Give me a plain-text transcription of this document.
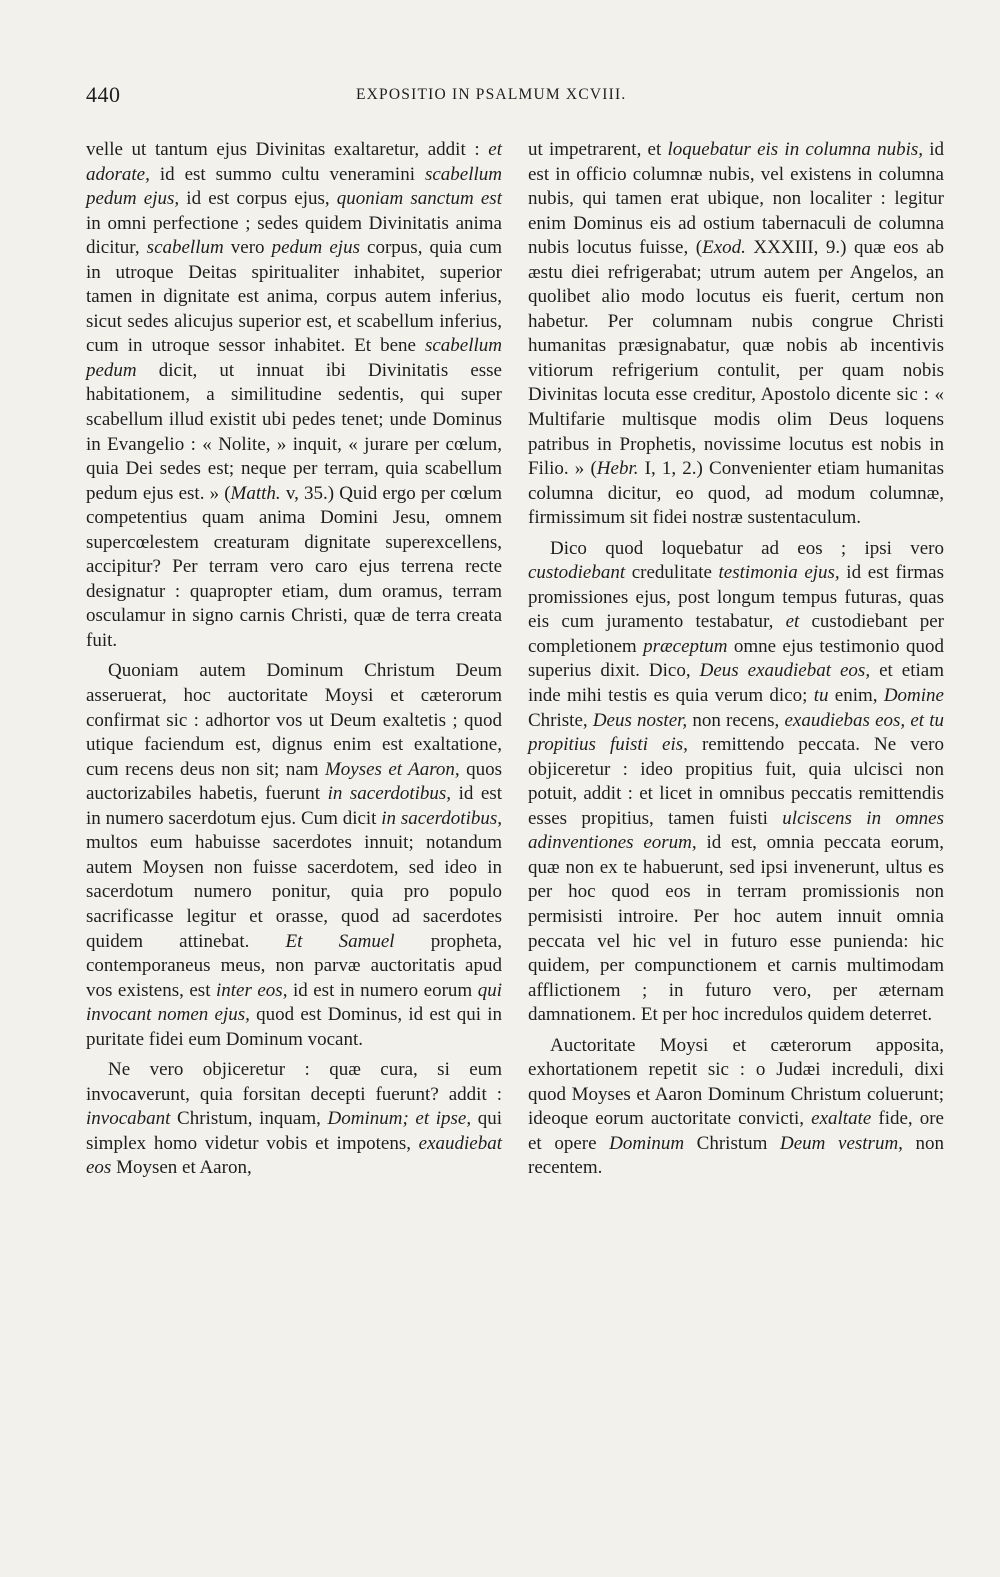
440	EXPOSITIO IN PSALMUM XCVIII.

velle ut tantum ejus Divinitas exaltaretur, addit : et adorate, id est summo cultu veneramini scabellum pedum ejus, id est corpus ejus, quoniam sanctum est in omni perfectione ; sedes quidem Divinitatis anima dicitur, scabellum vero pedum ejus corpus, quia cum in utroque Deitas spiritualiter inhabitet, superior tamen in dignitate est anima, corpus autem inferius, sicut sedes alicujus superior est, et scabellum inferius, cum in utroque sessor inhabitet. Et bene scabellum pedum dicit, ut innuat ibi Divinitatis esse habitationem, a similitudine sedentis, qui super scabellum illud existit ubi pedes tenet; unde Dominus in Evangelio : « Nolite, » inquit, « jurare per cœlum, quia Dei sedes est; neque per terram, quia scabellum pedum ejus est. » (Matth. v, 35.) Quid ergo per cœlum competentius quam anima Domini Jesu, omnem supercœlestem creaturam dignitate superexcellens, accipitur? Per terram vero caro ejus terrena recte designatur : quapropter etiam, dum oramus, terram osculamur in signo carnis Christi, quæ de terra creata fuit.

Quoniam autem Dominum Christum Deum asseruerat, hoc auctoritate Moysi et cæterorum confirmat sic : adhortor vos ut Deum exaltetis ; quod utique faciendum est, dignus enim est exaltatione, cum recens deus non sit; nam Moyses et Aaron, quos auctorizabiles habetis, fuerunt in sacerdotibus, id est in numero sacerdotum ejus. Cum dicit in sacerdotibus, multos eum habuisse sacerdotes innuit; notandum autem Moysen non fuisse sacerdotem, sed ideo in sacerdotum numero ponitur, quia pro populo sacrificasse legitur et orasse, quod ad sacerdotes quidem attinebat. Et Samuel propheta, contemporaneus meus, non parvæ auctoritatis apud vos existens, est inter eos, id est in numero eorum qui invocant nomen ejus, quod est Dominus, id est qui in puritate fidei eum Dominum vocant.

Ne vero objiceretur : quæ cura, si eum invocaverunt, quia forsitan decepti fuerunt? addit : invocabant Christum, inquam, Dominum; et ipse, qui simplex homo videtur vobis et impotens, exaudiebat eos Moysen et Aaron,

ut impetrarent, et loquebatur eis in columna nubis, id est in officio columnæ nubis, vel existens in columna nubis, qui tamen erat ubique, non localiter : legitur enim Dominus eis ad ostium tabernaculi de columna nubis locutus fuisse, (Exod. XXXIII, 9.) quæ eos ab æstu diei refrigerabat; utrum autem per Angelos, an quolibet alio modo locutus eis fuerit, certum non habetur. Per columnam nubis congrue Christi humanitas præsignabatur, quæ nobis ab incentivis vitiorum refrigerium contulit, per quam nobis Divinitas locuta esse creditur, Apostolo dicente sic : « Multifarie multisque modis olim Deus loquens patribus in Prophetis, novissime locutus est nobis in Filio. » (Hebr. I, 1, 2.) Convenienter etiam humanitas columna dicitur, eo quod, ad modum columnæ, firmissimum sit fidei nostræ sustentaculum.

Dico quod loquebatur ad eos ; ipsi vero custodiebant credulitate testimonia ejus, id est firmas promissiones ejus, post longum tempus futuras, quas eis cum juramento testabatur, et custodiebant per completionem præceptum omne ejus testimonio quod superius dixit. Dico, Deus exaudiebat eos, et etiam inde mihi testis es quia verum dico; tu enim, Domine Christe, Deus noster, non recens, exaudiebas eos, et tu propitius fuisti eis, remittendo peccata. Ne vero objiceretur : ideo propitius fuit, quia ulcisci non potuit, addit : et licet in omnibus peccatis remittendis esses propitius, tamen fuisti ulciscens in omnes adinventiones eorum, id est, omnia peccata eorum, quæ non ex te habuerunt, sed ipsi invenerunt, ultus es per hoc quod eos in terram promissionis non permisisti introire. Per hoc autem innuit omnia peccata vel hic vel in futuro esse punienda: hic quidem, per compunctionem et carnis multimodam afflictionem ; in futuro vero, per æternam damnationem. Et per hoc incredulos quidem deterret.

Auctoritate Moysi et cæterorum apposita, exhortationem repetit sic : o Judæi increduli, dixi quod Moyses et Aaron Dominum Christum coluerunt; ideoque eorum auctoritate convicti, exaltate fide, ore et opere Dominum Christum Deum vestrum, non recentem.
